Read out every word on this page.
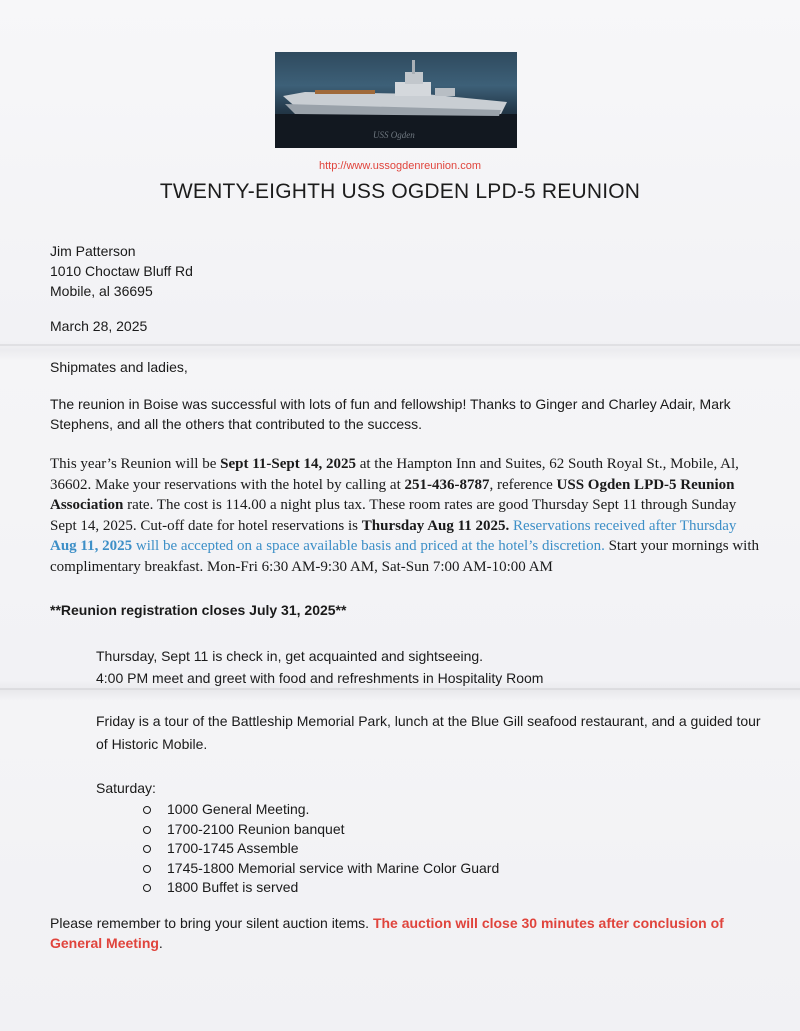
USS Ogden
http://www.ussogdenreunion.com
TWENTY-EIGHTH USS OGDEN LPD-5 REUNION
Jim Patterson
1010 Choctaw Bluff Rd
Mobile, al 36695
March 28, 2025
Shipmates and ladies,
The reunion in Boise was successful with lots of fun and fellowship! Thanks to Ginger and Charley Adair, Mark Stephens, and all the others that contributed to the success.
This year’s Reunion will be Sept 11-Sept 14, 2025 at the Hampton Inn and Suites, 62 South Royal St., Mobile, Al, 36602. Make your reservations with the hotel by calling at 251-436-8787, reference USS Ogden LPD-5 Reunion Association rate. The cost is 114.00 a night plus tax. These room rates are good Thursday Sept 11 through Sunday Sept 14, 2025. Cut-off date for hotel reservations is Thursday Aug 11 2025. Reservations received after Thursday Aug 11, 2025 will be accepted on a space available basis and priced at the hotel’s discretion. Start your mornings with complimentary breakfast. Mon-Fri 6:30 AM-9:30 AM, Sat-Sun 7:00 AM-10:00 AM
**Reunion registration closes July 31, 2025**
Thursday, Sept 11 is check in, get acquainted and sightseeing.
4:00 PM meet and greet with food and refreshments in Hospitality Room
Friday is a tour of the Battleship Memorial Park, lunch at the Blue Gill seafood restaurant, and a guided tour of Historic Mobile.
Saturday:
1000 General Meeting.
1700-2100 Reunion banquet
1700-1745 Assemble
1745-1800 Memorial service with Marine Color Guard
1800 Buffet is served
Please remember to bring your silent auction items. The auction will close 30 minutes after conclusion of General Meeting.
